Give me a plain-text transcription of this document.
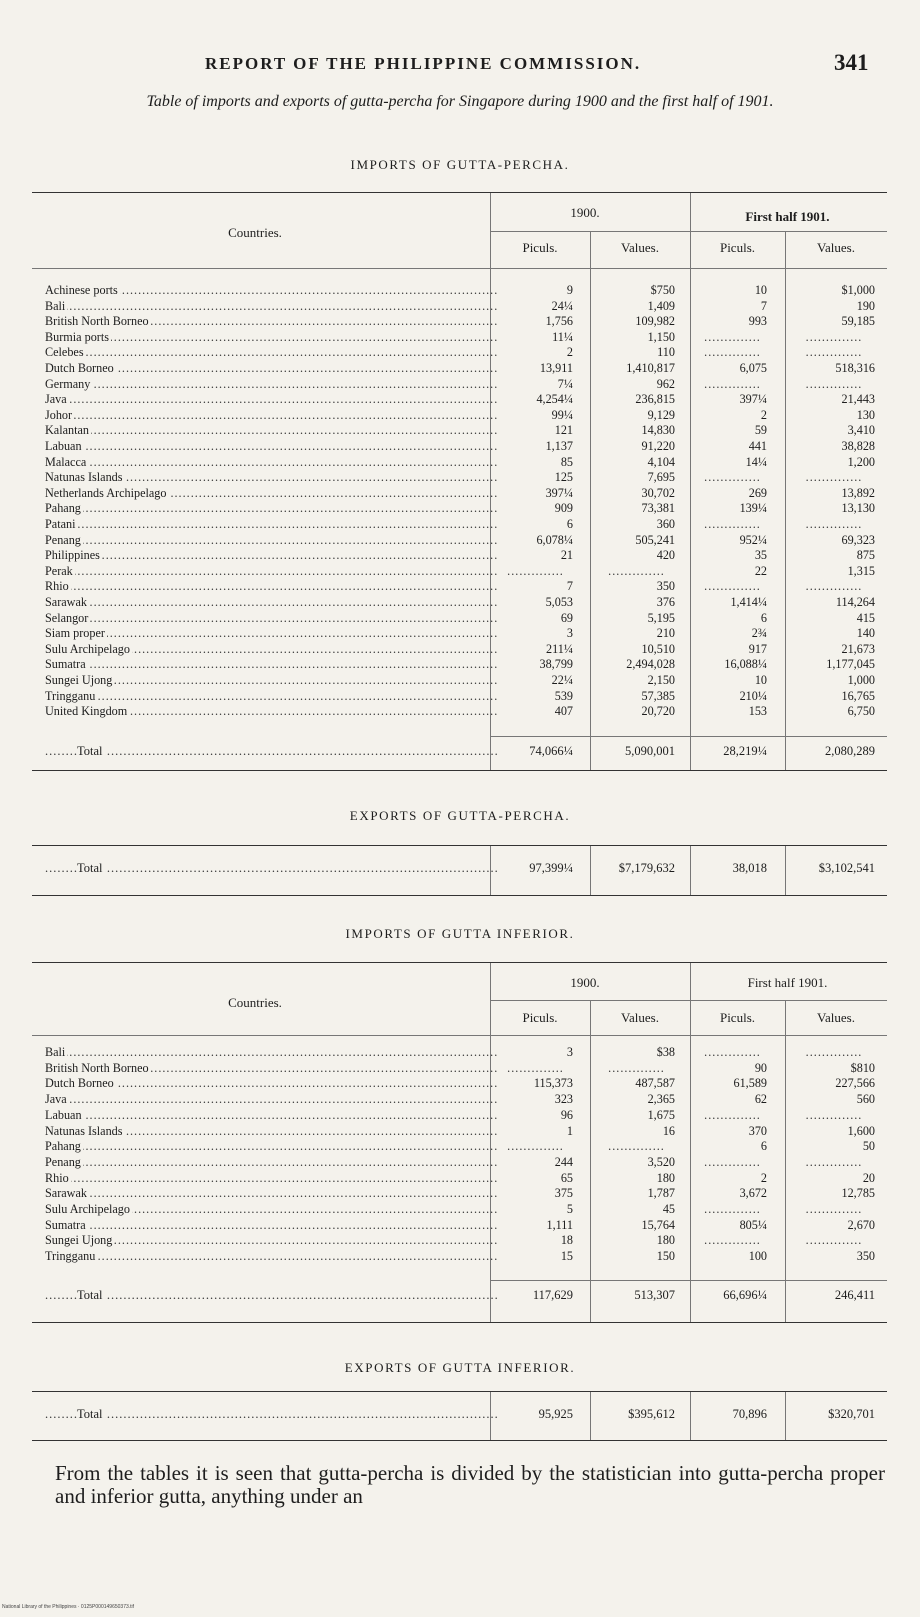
REPORT OF THE PHILIPPINE COMMISSION.	341
Table of imports and exports of gutta-percha for Singapore during 1900 and the first half of 1901.
IMPORTS OF GUTTA-PERCHA.
Countries.
1900.	First half 1901.
Piculs.	Values.	Piculs.	Values.
Achinese ports .....	9	$750	10	$1,000
Bali .....	24¼	1,409	7	190
British North Borneo .....	1,756	109,982	993	59,185
Burmia ports .....	11¼	1,150	..............	..............
Celebes .....	2	110	..............	..............
Dutch Borneo .....	13,911	1,410,817	6,075	518,316
Germany .....	7¼	962	..............	..............
Java .....	4,254¼	236,815	397¼	21,443
Johor .....	99¼	9,129	2	130
Kalantan .....	121	14,830	59	3,410
Labuan .....	1,137	91,220	441	38,828
Malacca .....	85	4,104	14¼	1,200
Natunas Islands .....	125	7,695	..............	..............
Netherlands Archipelago .....	397¼	30,702	269	13,892
Pahang .....	909	73,381	139¼	13,130
Patani .....	6	360	..............	..............
Penang .....	6,078¼	505,241	952¼	69,323
Philippines .....	21	420	35	875
Perak .....	..............	..............	22	1,315
Rhio .....	7	350	..............	..............
Sarawak .....	5,053	376	1,414¼	114,264
Selangor .....	69	5,195	6	415
Siam proper .....	3	210	2¾	140
Sulu Archipelago .....	211¼	10,510	917	21,673
Sumatra .....	38,799	2,494,028	16,088¼	1,177,045
Sungei Ujong .....	22¼	2,150	10	1,000
Tringganu .....	539	57,385	210¼	16,765
United Kingdom .....	407	20,720	153	6,750
Total .....	74,066¼	5,090,001	28,219¼	2,080,289
EXPORTS OF GUTTA-PERCHA.
Total .....	97,399¼	$7,179,632	38,018	$3,102,541
IMPORTS OF GUTTA INFERIOR.
Countries.
1900.	First half 1901.
Piculs.	Values.	Piculs.	Values.
Bali .....	3	$38	..............	..............
British North Borneo .....	..............	..............	90	$810
Dutch Borneo .....	115,373	487,587	61,589	227,566
Java .....	323	2,365	62	560
Labuan .....	96	1,675	..............	..............
Natunas Islands .....	1	16	370	1,600
Pahang .....	..............	..............	6	50
Penang .....	244	3,520	..............	..............
Rhio .....	65	180	2	20
Sarawak .....	375	1,787	3,672	12,785
Sulu Archipelago .....	5	45	..............	..............
Sumatra .....	1,111	15,764	805¼	2,670
Sungei Ujong .....	18	180	..............	..............
Tringganu .....	15	150	100	350
Total .....	117,629	513,307	66,696¼	246,411
EXPORTS OF GUTTA INFERIOR.
Total .....	95,925	$395,612	70,896	$320,701
From the tables it is seen that gutta-percha is divided by the statistician into gutta-percha proper and inferior gutta, anything under an
National Library of the Philippines · 0125P000149650373.tif
